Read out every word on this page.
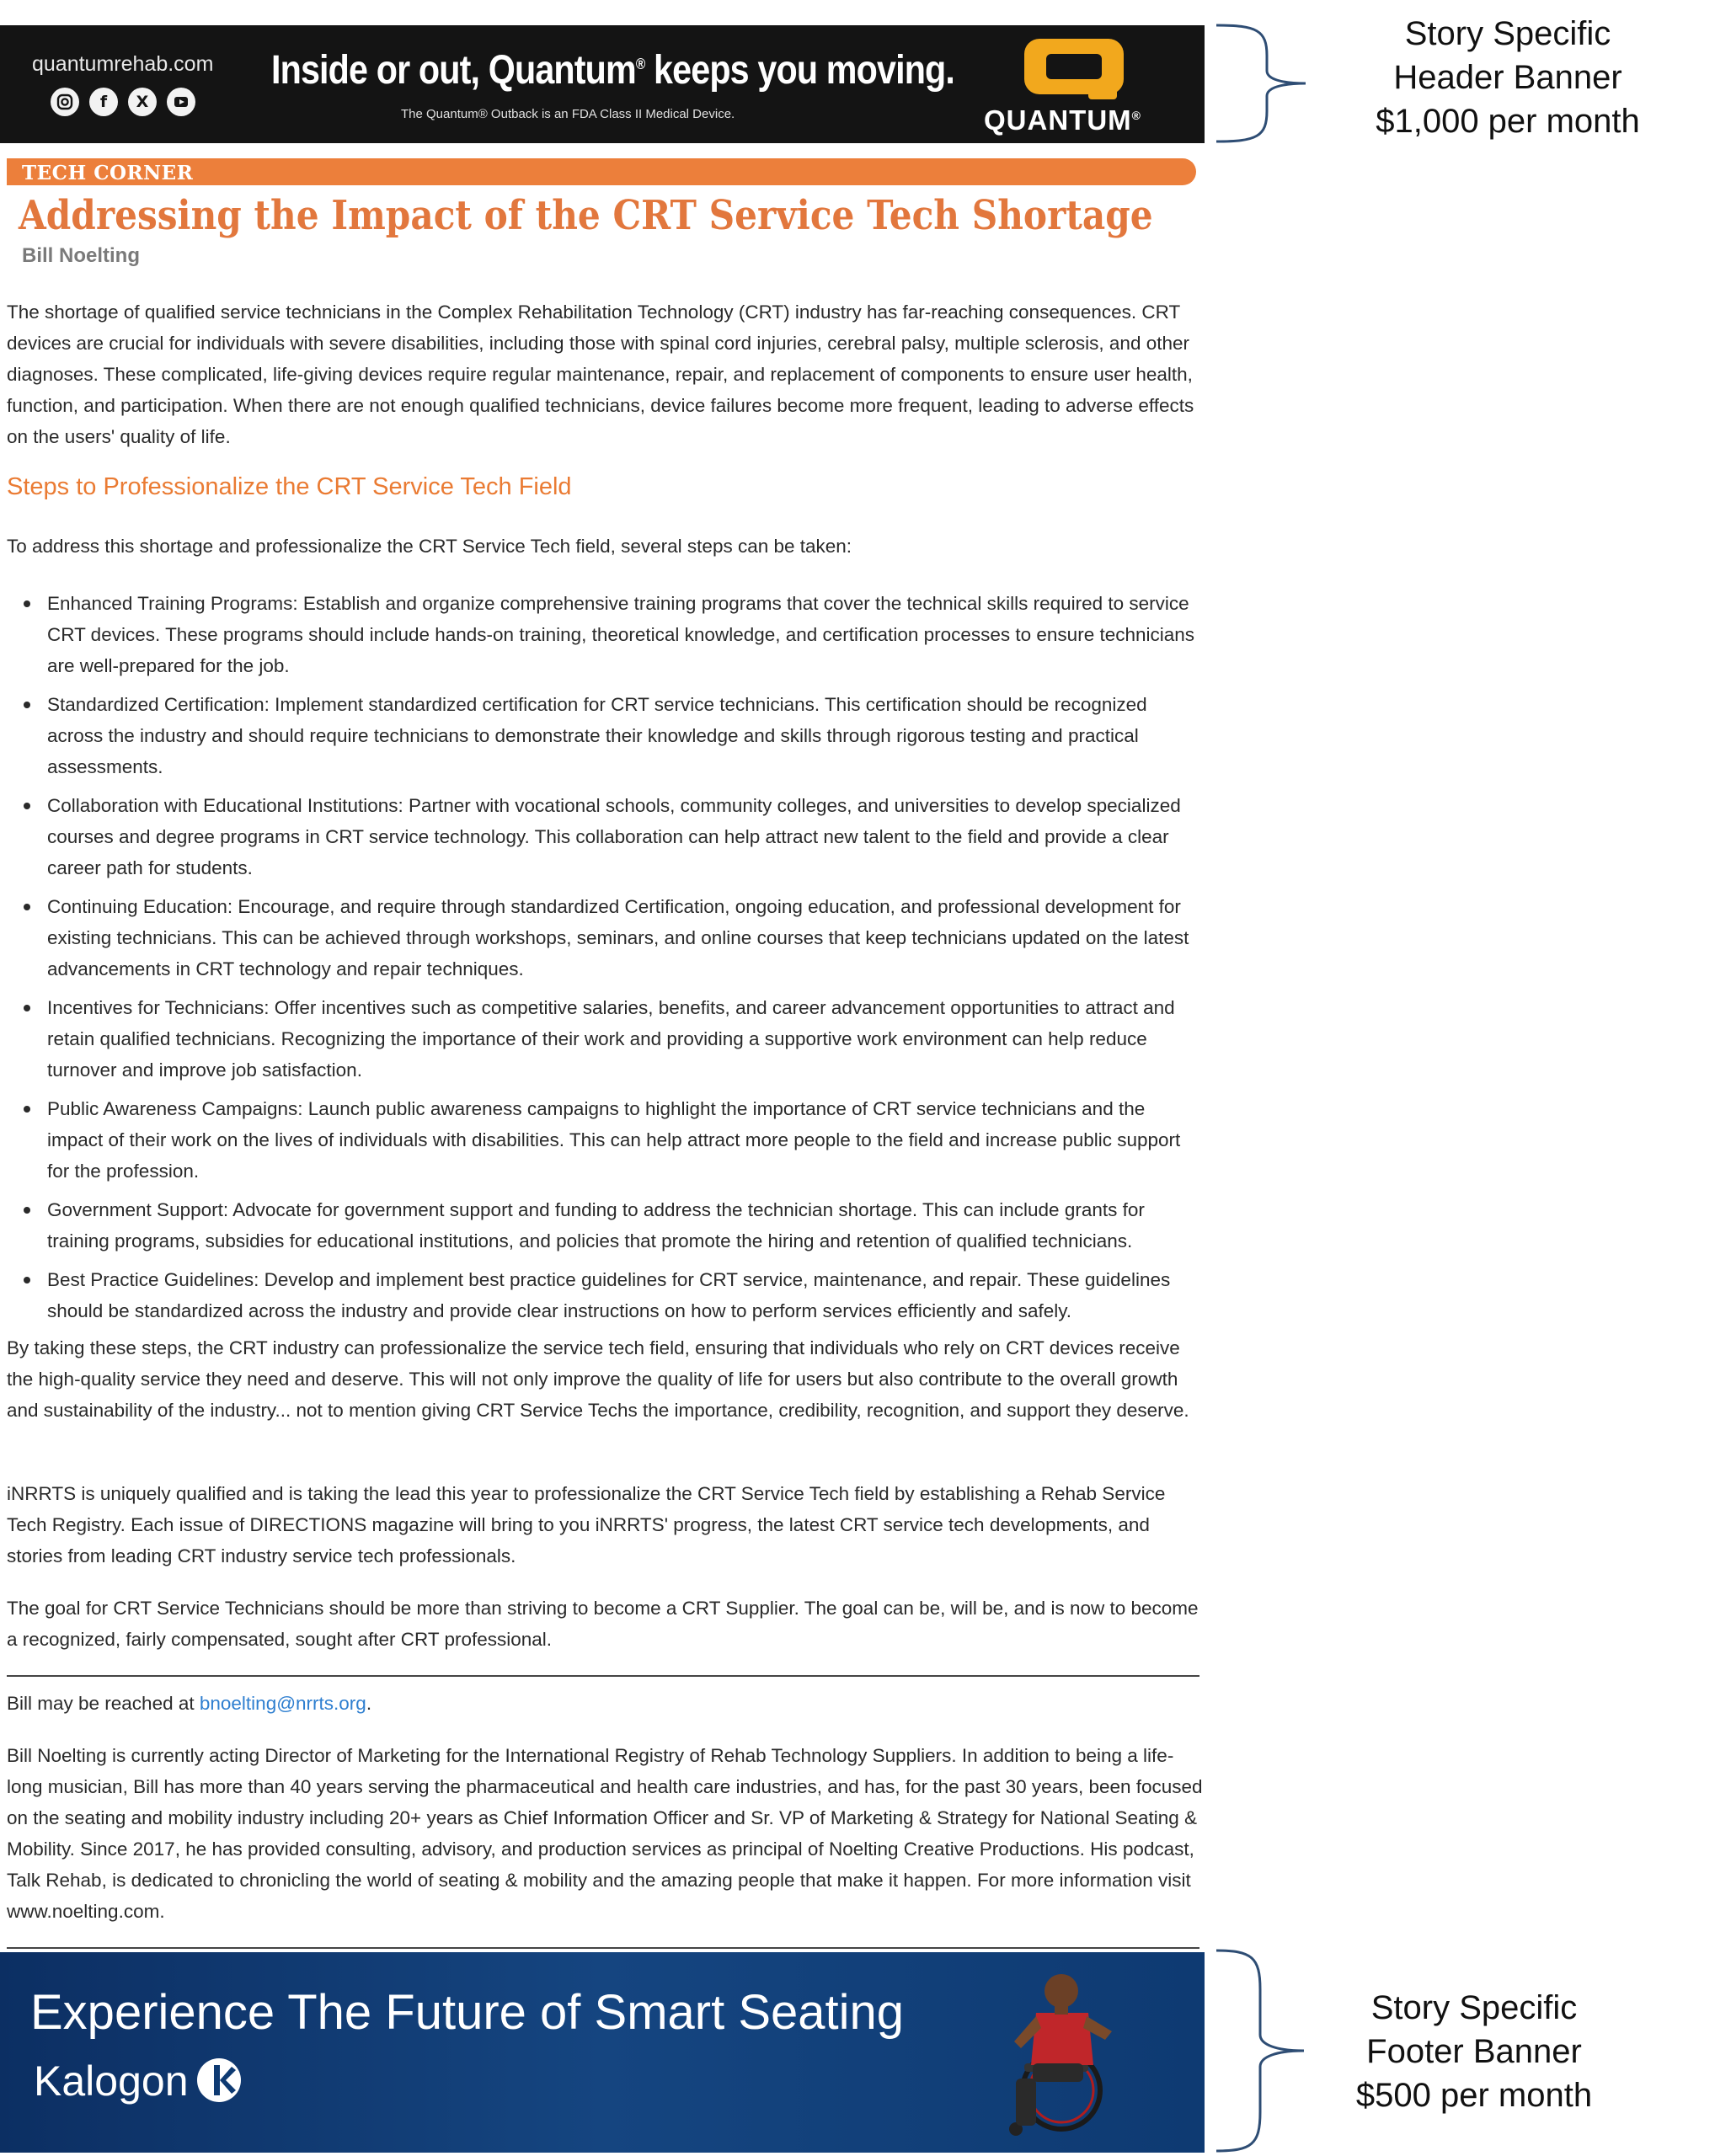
quantumrehab.com
f	X
Inside or out, Quantum® keeps you moving.
The Quantum® Outback is an FDA Class II Medical Device.	QUANTUM®
TECH CORNER
Addressing the Impact of the CRT Service Tech Shortage
Bill Noelting

The shortage of qualified service technicians in the Complex Rehabilitation Technology (CRT) industry has far-reaching consequences. CRT devices are crucial for individuals with severe disabilities, including those with spinal cord injuries, cerebral palsy, multiple sclerosis, and other diagnoses. These complicated, life-giving devices require regular maintenance, repair, and replacement of components to ensure user health, function, and participation. When there are not enough qualified technicians, device failures become more frequent, leading to adverse effects on the users' quality of life.

Steps to Professionalize the CRT Service Tech Field

To address this shortage and professionalize the CRT Service Tech field, several steps can be taken:

Enhanced Training Programs: Establish and organize comprehensive training programs that cover the technical skills required to service CRT devices. These programs should include hands-on training, theoretical knowledge, and certification processes to ensure technicians are well-prepared for the job.
Standardized Certification: Implement standardized certification for CRT service technicians. This certification should be recognized across the industry and should require technicians to demonstrate their knowledge and skills through rigorous testing and practical assessments.
Collaboration with Educational Institutions: Partner with vocational schools, community colleges, and universities to develop specialized courses and degree programs in CRT service technology. This collaboration can help attract new talent to the field and provide a clear career path for students.
Continuing Education: Encourage, and require through standardized Certification, ongoing education, and professional development for existing technicians. This can be achieved through workshops, seminars, and online courses that keep technicians updated on the latest advancements in CRT technology and repair techniques.
Incentives for Technicians: Offer incentives such as competitive salaries, benefits, and career advancement opportunities to attract and retain qualified technicians. Recognizing the importance of their work and providing a supportive work environment can help reduce turnover and improve job satisfaction.
Public Awareness Campaigns: Launch public awareness campaigns to highlight the importance of CRT service technicians and the impact of their work on the lives of individuals with disabilities. This can help attract more people to the field and increase public support for the profession.
Government Support: Advocate for government support and funding to address the technician shortage. This can include grants for training programs, subsidies for educational institutions, and policies that promote the hiring and retention of qualified technicians.
Best Practice Guidelines: Develop and implement best practice guidelines for CRT service, maintenance, and repair. These guidelines should be standardized across the industry and provide clear instructions on how to perform services efficiently and safely.

By taking these steps, the CRT industry can professionalize the service tech field, ensuring that individuals who rely on CRT devices receive the high-quality service they need and deserve. This will not only improve the quality of life for users but also contribute to the overall growth and sustainability of the industry... not to mention giving CRT Service Techs the importance, credibility, recognition, and support they deserve.

iNRRTS is uniquely qualified and is taking the lead this year to professionalize the CRT Service Tech field by establishing a Rehab Service Tech Registry. Each issue of DIRECTIONS magazine will bring to you iNRRTS' progress, the latest CRT service tech developments, and stories from leading CRT industry service tech professionals.

The goal for CRT Service Technicians should be more than striving to become a CRT Supplier. The goal can be, will be, and is now to become a recognized, fairly compensated, sought after CRT professional.

Bill may be reached at bnoelting@nrrts.org.

Bill Noelting is currently acting Director of Marketing for the International Registry of Rehab Technology Suppliers. In addition to being a life-long musician, Bill has more than 40 years serving the pharmaceutical and health care industries, and has, for the past 30 years, been focused on the seating and mobility industry including 20+ years as Chief Information Officer and Sr. VP of Marketing & Strategy for National Seating & Mobility. Since 2017, he has provided consulting, advisory, and production services as principal of Noelting Creative Productions. His podcast, Talk Rehab, is dedicated to chronicling the world of seating & mobility and the amazing people that make it happen. For more information visit www.noelting.com.

Experience The Future of Smart Seating
Kalogon
Story Specific
Header Banner
$1,000 per month
Story Specific
Footer Banner
$500 per month
